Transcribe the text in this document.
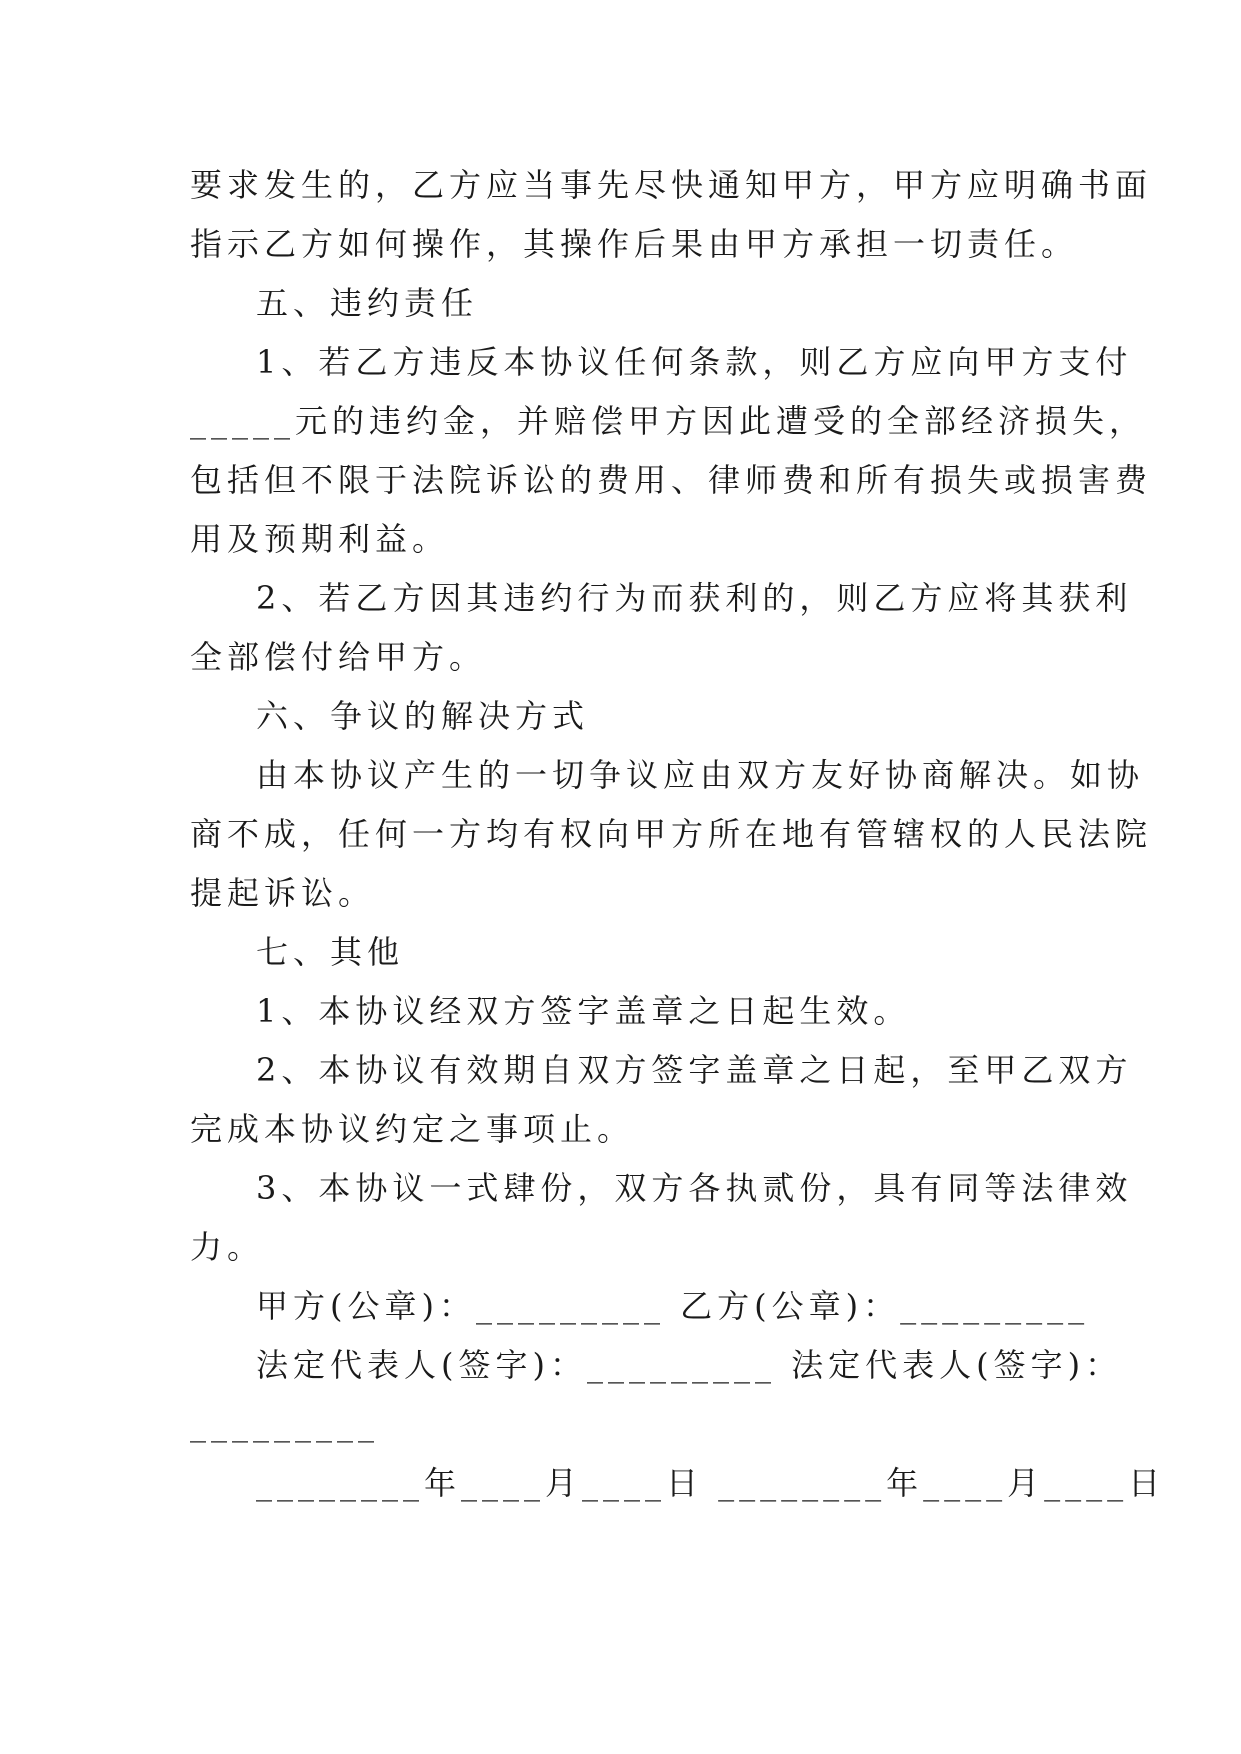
要求发生的，乙方应当事先尽快通知甲方，甲方应明确书面
指示乙方如何操作，其操作后果由甲方承担一切责任。
五、违约责任
1、若乙方违反本协议任何条款，则乙方应向甲方支付
_____元的违约金，并赔偿甲方因此遭受的全部经济损失，
包括但不限于法院诉讼的费用、律师费和所有损失或损害费
用及预期利益。
2、若乙方因其违约行为而获利的，则乙方应将其获利
全部偿付给甲方。
六、争议的解决方式
由本协议产生的一切争议应由双方友好协商解决。如协
商不成，任何一方均有权向甲方所在地有管辖权的人民法院
提起诉讼。
七、其他
1、本协议经双方签字盖章之日起生效。
2、本协议有效期自双方签字盖章之日起，至甲乙双方
完成本协议约定之事项止。
3、本协议一式肆份，双方各执贰份，具有同等法律效
力。
甲方(公章)：_________ 乙方(公章)：_________
法定代表人(签字)：_________ 法定代表人(签字)：
_________
________年____月____日 ________年____月____日
